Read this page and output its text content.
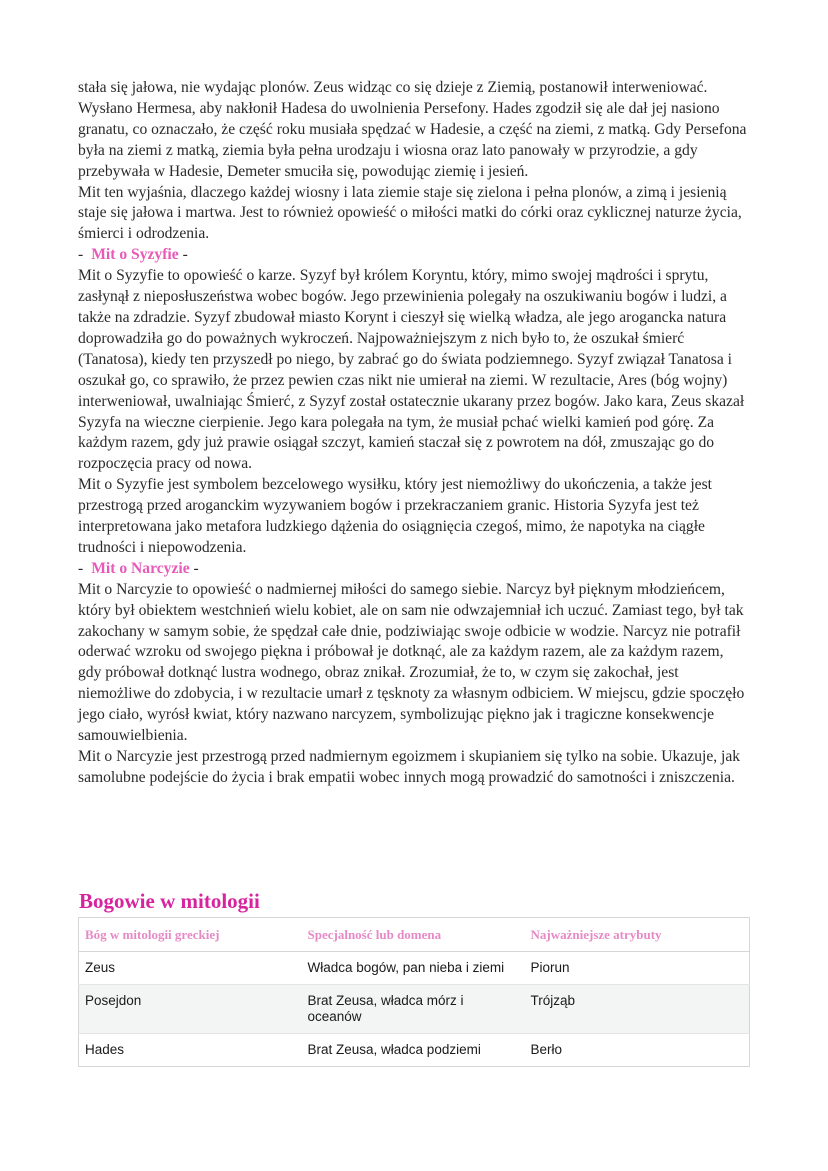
stała się jałowa, nie wydając plonów. Zeus widząc co się dzieje z Ziemią, postanowił interweniować. Wysłano Hermesa, aby nakłonił Hadesa do uwolnienia Persefony. Hades zgodził się ale dał jej nasiono granatu, co oznaczało, że część roku musiała spędzać w Hadesie, a część na ziemi, z matką. Gdy Persefona była na ziemi z matką, ziemia była pełna urodzaju i wiosna oraz lato panowały w przyrodzie, a gdy przebywała w Hadesie, Demeter smuciła się, powodując ziemię i jesień.

Mit ten wyjaśnia, dlaczego każdej wiosny i lata ziemie staje się zielona i pełna plonów, a zimą i jesienią staje się jałowa i martwa. Jest to również opowieść o miłości matki do córki oraz cyklicznej naturze życia, śmierci i odrodzenia.

- Mit o Syzyfie -

Mit o Syzyfie to opowieść o karze. Syzyf był królem Koryntu, który, mimo swojej mądrości i sprytu, zasłynął z nieposłuszeństwa wobec bogów. Jego przewinienia polegały na oszukiwaniu bogów i ludzi, a także na zdradzie. Syzyf zbudował miasto Korynt i cieszył się wielką władza, ale jego arogancka natura doprowadziła go do poważnych wykroczeń. Najpoważniejszym z nich było to, że oszukał śmierć (Tanatosa), kiedy ten przyszedł po niego, by zabrać go do świata podziemnego. Syzyf związał Tanatosa i oszukał go, co sprawiło, że przez pewien czas nikt nie umierał na ziemi. W rezultacie, Ares (bóg wojny) interweniował, uwalniając Śmierć, z Syzyf został ostatecznie ukarany przez bogów. Jako kara, Zeus skazał Syzyfa na wieczne cierpienie. Jego kara polegała na tym, że musiał pchać wielki kamień pod górę. Za każdym razem, gdy już prawie osiągał szczyt, kamień staczał się z powrotem na dół, zmuszając go do rozpoczęcia pracy od nowa.

Mit o Syzyfie jest symbolem bezcelowego wysiłku, który jest niemożliwy do ukończenia, a także jest przestrogą przed aroganckim wyzywaniem bogów i przekraczaniem granic. Historia Syzyfa jest też interpretowana jako metafora ludzkiego dążenia do osiągnięcia czegoś, mimo, że napotyka na ciągłe trudności i niepowodzenia.

- Mit o Narcyzie -

Mit o Narcyzie to opowieść o nadmiernej miłości do samego siebie. Narcyz był pięknym młodzieńcem, który był obiektem westchnień wielu kobiet, ale on sam nie odwzajemniał ich uczuć. Zamiast tego, był tak zakochany w samym sobie, że spędzał całe dnie, podziwiając swoje odbicie w wodzie. Narcyz nie potrafił oderwać wzroku od swojego piękna i próbował je dotknąć, ale za każdym razem, ale za każdym razem, gdy próbował dotknąć lustra wodnego, obraz znikał. Zrozumiał, że to, w czym się zakochał, jest niemożliwe do zdobycia, i w rezultacie umarł z tęsknoty za własnym odbiciem. W miejscu, gdzie spoczęło jego ciało, wyrósł kwiat, który nazwano narcyzem, symbolizując piękno jak i tragiczne konsekwencje samouwielbienia.

Mit o Narcyzie jest przestrogą przed nadmiernym egoizmem i skupianiem się tylko na sobie. Ukazuje, jak samolubne podejście do życia i brak empatii wobec innych mogą prowadzić do samotności i zniszczenia.

Bogowie w mitologii
Bóg w mitologii greckiej	Specjalność lub domena	Najważniejsze atrybuty
Zeus	Władca bogów, pan nieba i ziemi	Piorun
Posejdon	Brat Zeusa, władca mórz i oceanów	Trójząb
Hades	Brat Zeusa, władca podziemi	Berło
